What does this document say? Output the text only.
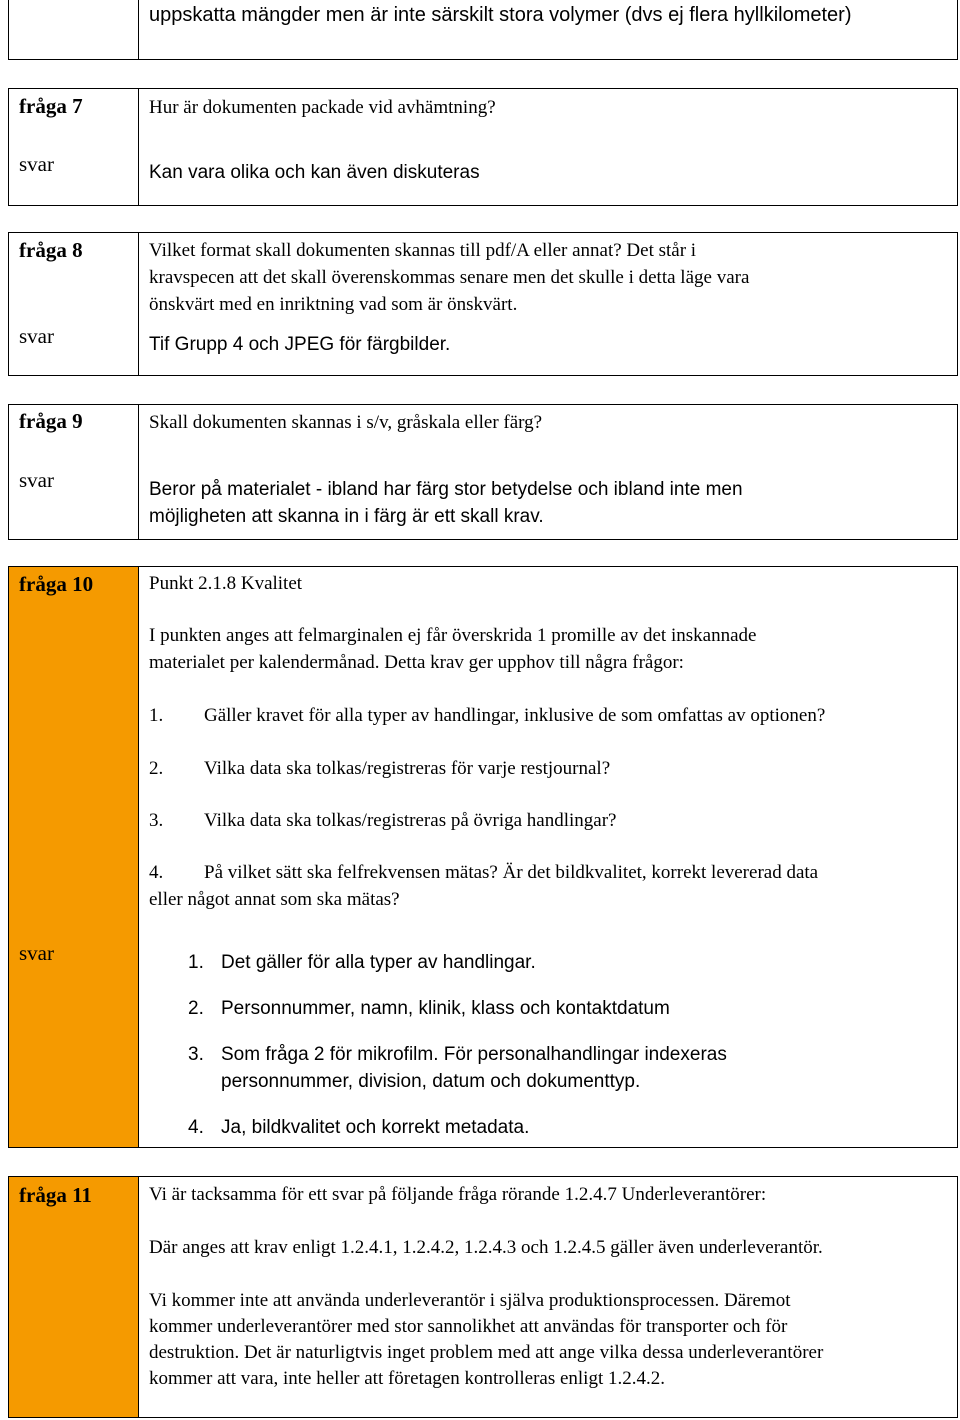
uppskatta mängder men är inte särskilt stora volymer (dvs ej flera hyllkilometer)
fråga 7
svar
Hur är dokumenten packade vid avhämtning?
Kan vara olika och kan även diskuteras
fråga 8
svar
Vilket format skall dokumenten skannas till pdf/A eller annat? Det står i
kravspecen att det skall överenskommas senare men det skulle i detta läge vara
önskvärt med en inriktning vad som är önskvärt.
Tif Grupp 4 och JPEG för färgbilder.
fråga 9
svar
Skall dokumenten skannas i s/v, gråskala eller färg?
Beror på materialet - ibland har färg stor betydelse och ibland inte men
möjligheten att skanna in i färg är ett skall krav.
fråga 10
svar
Punkt 2.1.8 Kvalitet
I punkten anges att felmarginalen ej får överskrida 1 promille av det inskannade
materialet per kalendermånad. Detta krav ger upphov till några frågor:
1. Gäller kravet för alla typer av handlingar, inklusive de som omfattas av optionen?
2. Vilka data ska tolkas/registreras för varje restjournal?
3. Vilka data ska tolkas/registreras på övriga handlingar?
4. På vilket sätt ska felfrekvensen mätas? Är det bildkvalitet, korrekt levererad data
eller något annat som ska mätas?
1. Det gäller för alla typer av handlingar.
2. Personnummer, namn, klinik, klass och kontaktdatum
3. Som fråga 2 för mikrofilm. För personalhandlingar indexeras
personnummer, division, datum och dokumenttyp.
4. Ja, bildkvalitet och korrekt metadata.
fråga 11	Vi är tacksamma för ett svar på följande fråga rörande 1.2.4.7 Underleverantörer:
Där anges att krav enligt 1.2.4.1, 1.2.4.2, 1.2.4.3 och 1.2.4.5 gäller även underleverantör.
Vi kommer inte att använda underleverantör i själva produktionsprocessen. Däremot
kommer underleverantörer med stor sannolikhet att användas för transporter och för
destruktion. Det är naturligtvis inget problem med att ange vilka dessa underleverantörer
kommer att vara, inte heller att företagen kontrolleras enligt 1.2.4.2.
